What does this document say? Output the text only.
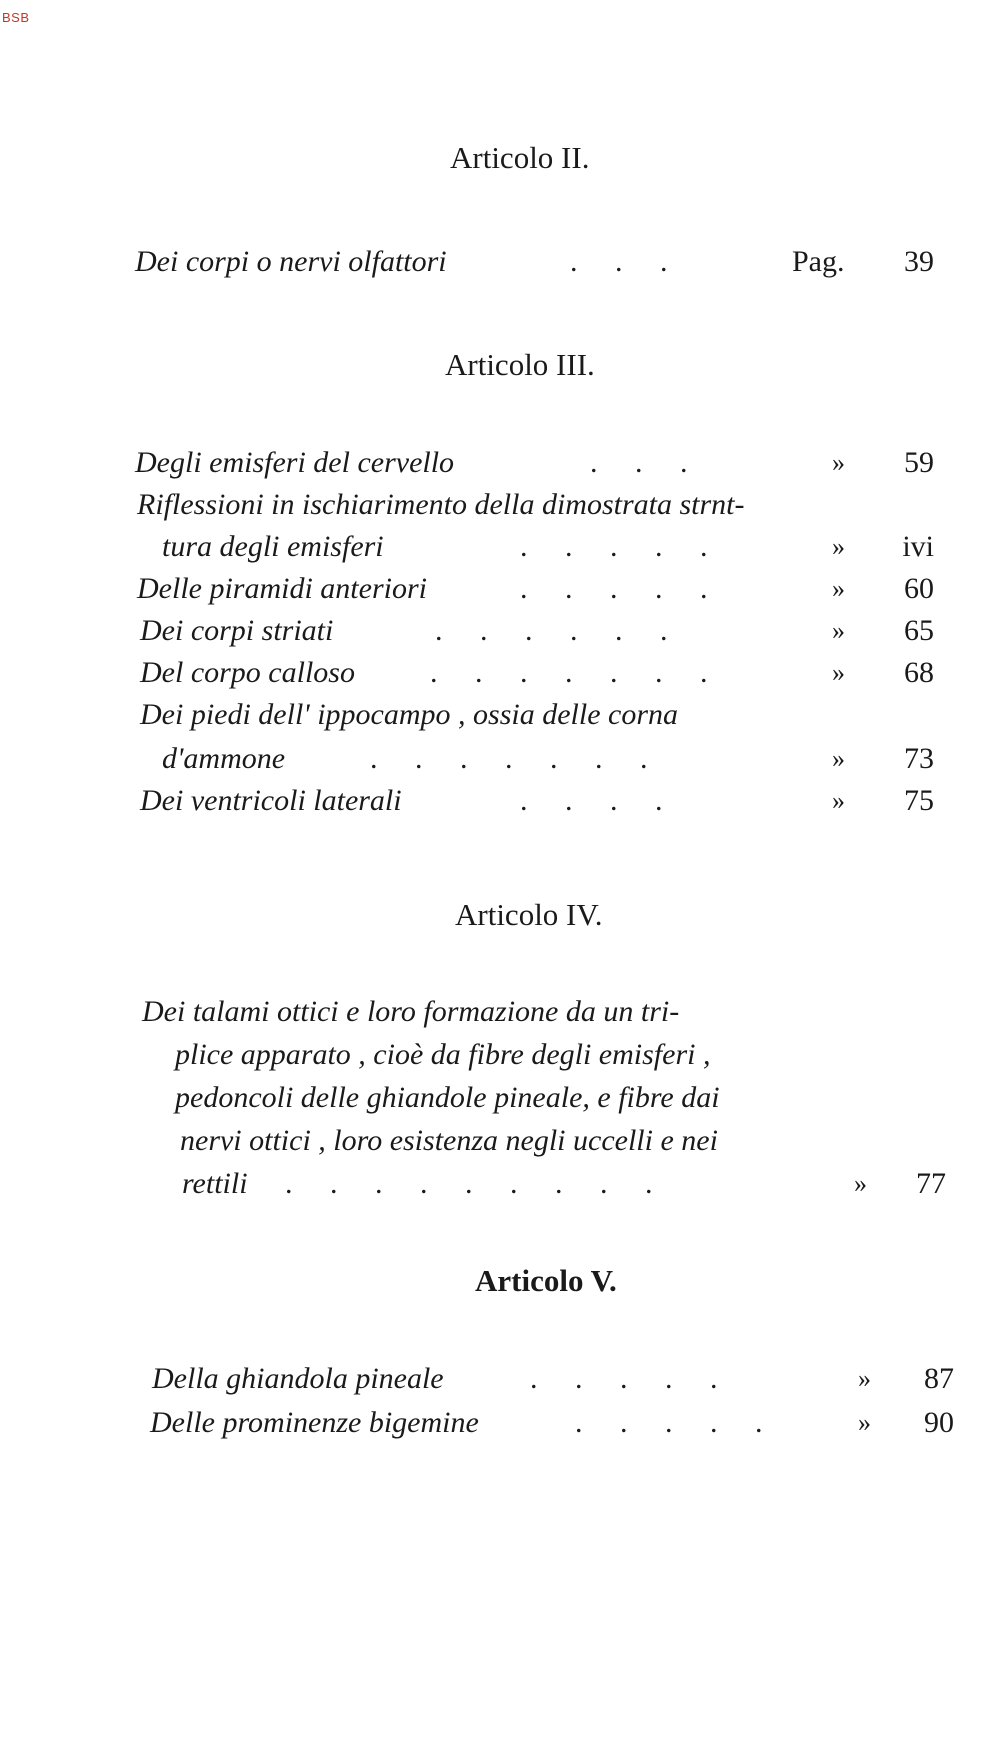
BSB
Articolo II.
Dei corpi o nervi olfattori	.     .     .	Pag.	39
Articolo III.
Degli emisferi del cervello	.     .     .	»	59
Riflessioni in ischiarimento della dimostrata strnt-
tura degli emisferi	.     .     .     .     .	»	ivi
Delle piramidi anteriori	.     .     .     .     .	»	60
Dei corpi striati	.     .     .     .     .     .	»	65
Del corpo calloso	.     .     .     .     .     .     .	»	68
Dei piedi dell' ippocampo , ossia delle corna
d'ammone	.     .     .     .     .     .     .	»	73
Dei ventricoli laterali	.     .     .     .	»	75
Articolo IV.
Dei talami ottici e loro formazione da un tri-
plice apparato , cioè da fibre degli emisferi ,
pedoncoli delle ghiandole pineale, e fibre dai
nervi ottici , loro esistenza negli uccelli e nei
rettili .     .     .     .     .     .     .     .     .	»	77
Articolo V.
Della ghiandola pineale	.     .     .     .     .	»	87
Delle prominenze bigemine	.     .     .     .     .	»	90
